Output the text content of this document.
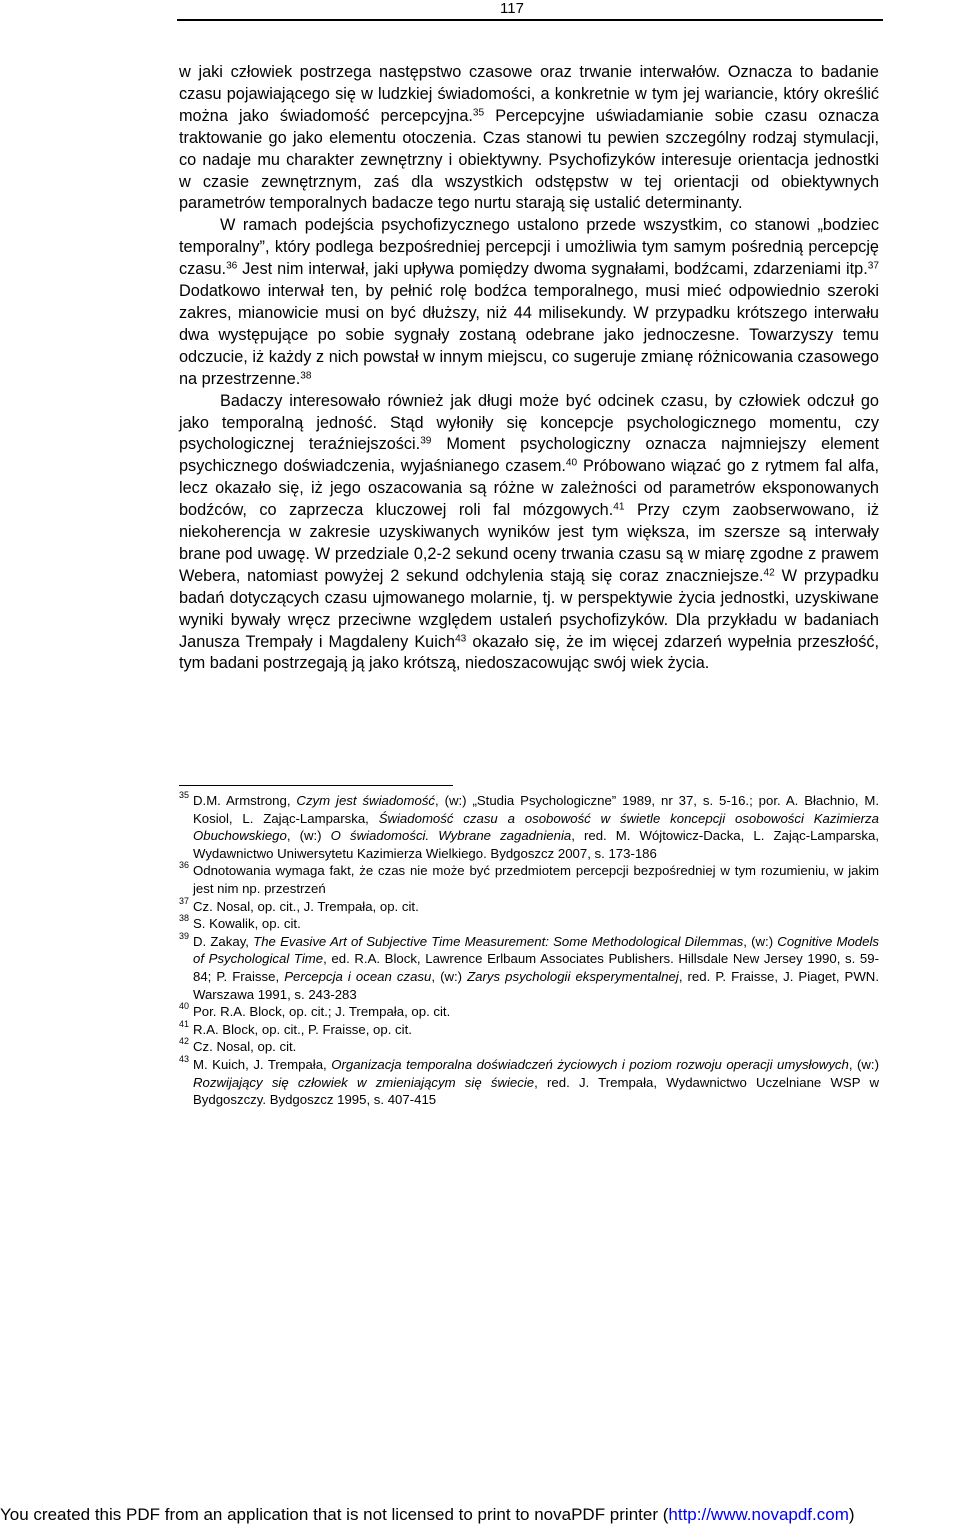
117

w jaki człowiek postrzega następstwo czasowe oraz trwanie interwałów. Oznacza to badanie czasu pojawiającego się w ludzkiej świadomości, a konkretnie w tym jej wariancie, który określić można jako świadomość percepcyjna.$^{35}$ Percepcyjne uświadamianie sobie czasu oznacza traktowanie go jako elementu otoczenia. Czas stanowi tu pewien szczególny rodzaj stymulacji, co nadaje mu charakter zewnętrzny i obiektywny. Psychofizyków interesuje orientacja jednostki w czasie zewnętrznym, zaś dla wszystkich odstępstw w tej orientacji od obiektywnych parametrów temporalnych badacze tego nurtu starają się ustalić determinanty.

W ramach podejścia psychofizycznego ustalono przede wszystkim, co stanowi „bodziec temporalny”, który podlega bezpośredniej percepcji i umożliwia tym samym pośrednią percepcję czasu.$^{36}$ Jest nim interwał, jaki upływa pomiędzy dwoma sygnałami, bodźcami, zdarzeniami itp.$^{37}$ Dodatkowo interwał ten, by pełnić rolę bodźca temporalnego, musi mieć odpowiednio szeroki zakres, mianowicie musi on być dłuższy, niż 44 milisekundy. W przypadku krótszego interwału dwa występujące po sobie sygnały zostaną odebrane jako jednoczesne. Towarzyszy temu odczucie, iż każdy z nich powstał w innym miejscu, co sugeruje zmianę różnicowania czasowego na przestrzenne.$^{38}$

Badaczy interesowało również jak długi może być odcinek czasu, by człowiek odczuł go jako temporalną jedność. Stąd wyłoniły się koncepcje psychologicznego momentu, czy psychologicznej teraźniejszości.$^{39}$ Moment psychologiczny oznacza najmniejszy element psychicznego doświadczenia, wyjaśnianego czasem.$^{40}$ Próbowano wiązać go z rytmem fal alfa, lecz okazało się, iż jego oszacowania są różne w zależności od parametrów eksponowanych bodźców, co zaprzecza kluczowej roli fal mózgowych.$^{41}$ Przy czym zaobserwowano, iż niekoherencja w zakresie uzyskiwanych wyników jest tym większa, im szersze są interwały brane pod uwagę. W przedziale 0,2-2 sekund oceny trwania czasu są w miarę zgodne z prawem Webera, natomiast powyżej 2 sekund odchylenia stają się coraz znaczniejsze.$^{42}$ W przypadku badań dotyczących czasu ujmowanego molarnie, tj. w perspektywie życia jednostki, uzyskiwane wyniki bywały wręcz przeciwne względem ustaleń psychofizyków. Dla przykładu w badaniach Janusza Trempały i Magdaleny Kuich$^{43}$ okazało się, że im więcej zdarzeń wypełnia przeszłość, tym badani postrzegają ją jako krótszą, niedoszacowując swój wiek życia.

35 D.M. Armstrong, Czym jest świadomość, (w:) „Studia Psychologiczne” 1989, nr 37, s. 5-16.; por. A. Błachnio, M. Kosiol, L. Zając-Lamparska, Świadomość czasu a osobowość w świetle koncepcji osobowości Kazimierza Obuchowskiego, (w:) O świadomości. Wybrane zagadnienia, red. M. Wójtowicz-Dacka, L. Zając-Lamparska, Wydawnictwo Uniwersytetu Kazimierza Wielkiego. Bydgoszcz 2007, s. 173-186
36 Odnotowania wymaga fakt, że czas nie może być przedmiotem percepcji bezpośredniej w tym rozumieniu, w jakim jest nim np. przestrzeń
37 Cz. Nosal, op. cit., J. Trempała, op. cit.
38 S. Kowalik, op. cit.
39 D. Zakay, The Evasive Art of Subjective Time Measurement: Some Methodological Dilemmas, (w:) Cognitive Models of Psychological Time, ed. R.A. Block, Lawrence Erlbaum Associates Publishers. Hillsdale New Jersey 1990, s. 59-84; P. Fraisse, Percepcja i ocean czasu, (w:) Zarys psychologii eksperymentalnej, red. P. Fraisse, J. Piaget, PWN. Warszawa 1991, s. 243-283
40 Por. R.A. Block, op. cit.; J. Trempała, op. cit.
41 R.A. Block, op. cit., P. Fraisse, op. cit.
42 Cz. Nosal, op. cit.
43 M. Kuich, J. Trempała, Organizacja temporalna doświadczeń życiowych i poziom rozwoju operacji umysłowych, (w:) Rozwijający się człowiek w zmieniającym się świecie, red. J. Trempała, Wydawnictwo Uczelniane WSP w Bydgoszczy. Bydgoszcz 1995, s. 407-415
You created this PDF from an application that is not licensed to print to novaPDF printer (http://www.novapdf.com)
